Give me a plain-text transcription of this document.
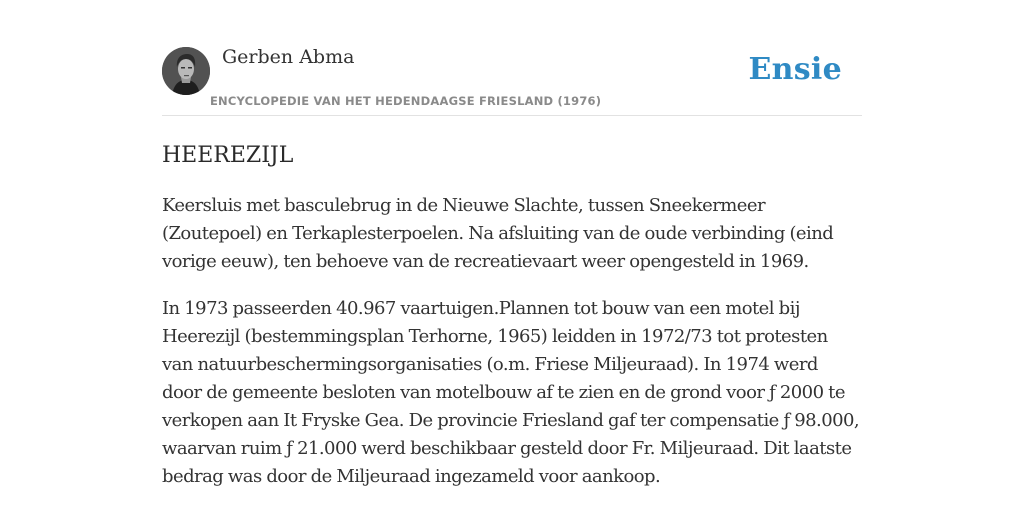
Gerben Abma
ENCYCLOPEDIE VAN HET HEDENDAAGSE FRIESLAND (1976)
Ensie
HEEREZIJL

Keersluis met basculebrug in de Nieuwe Slachte, tussen Sneekermeer (Zoutepoel) en Terkaplesterpoelen. Na afsluiting van de oude verbinding (eind vorige eeuw), ten behoeve van de recreatievaart weer opengesteld in 1969.

In 1973 passeerden 40.967 vaartuigen.Plannen tot bouw van een motel bij Heerezijl (bestemmingsplan Terhorne, 1965) leidden in 1972/73 tot protesten van natuurbeschermingsorganisaties (o.m. Friese Miljeuraad). In 1974 werd door de gemeente besloten van motelbouw af te zien en de grond voor ƒ 2000 te verkopen aan It Fryske Gea. De provincie Friesland gaf ter compensatie ƒ 98.000, waarvan ruim ƒ 21.000 werd beschikbaar gesteld door Fr. Miljeuraad. Dit laatste bedrag was door de Miljeuraad ingezameld voor aankoop.
